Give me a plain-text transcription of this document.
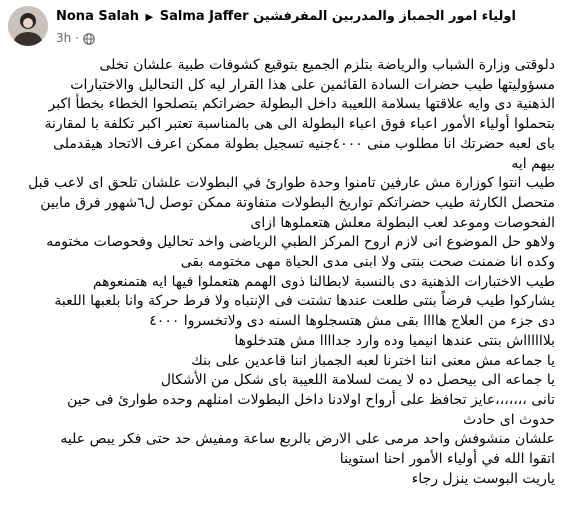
Nona Salah ▶ Salma Jaffer اولياء امور الجمباز والمدربين المفرفشين
3h ·
دلوقتى وزارة الشباب والرياضة بتلزم الجميع بتوقيع كشوفات طبية علشان تخلى
مسؤوليتها طيب حضرات السادة القائمين على هذا القرار ليه كل التحاليل والاختبارات
الذهنية دى وايه علاقتها بسلامة اللعيبة داخل البطولة حضراتكم بتصلحوا الخطاء بخطأ اكبر
بتحملوا أولياء الأمور اعباء فوق اعباء البطولة الى هى بالمناسبة تعتبر اكبر تكلفة با لمقارنة
باى لعبه حضرتك انا مطلوب منى ٤٠٠٠جنيه تسجيل بطولة ممكن اعرف الاتحاد هيقدملى
بيهم ايه
طيب انتوا كوزارة مش عارفين تامنوا وحدة طوارئ في البطولات علشان تلحق اى لاعب قبل
متحصل الكارثة طيب حضراتكم تواريخ البطولات متفاوتة ممكن توصل ل٦شهور فرق مابين
الفحوصات وموعد لعب البطولة معلش هتعملوها ازاى
ولاهو حل الموضوع انى لازم اروح المركز الطبي الرياضى واخد تحاليل وفحوصات مختومه
وكده انا ضمنت صحت بنتى ولا ابنى مدى الحياة مهى مختومه بقى
طيب الاختبارات الذهنية دى بالنسبة لابطالنا ذوى الهمم هتعملوا فيها ايه هتمنعوهم
يشاركوا طيب فرضاً بنتى طلعت عندها تشتت فى الإنتباه ولا فرط حركة وانا بلعبها اللعبة
دى جزء من العلاج هاااا بقى مش هتسجلوها السنه دى ولاتخسروا ٤٠٠٠
بلااااااش بنتى عندها انيميا وده وارد جداااا مش هتدخلوها
يا جماعه مش معنى اننا اخترنا لعبه الجمباز اننا قاعدين على بنك
يا جماعه الى بيحصل ده لا يمت لسلامة اللعيبة باى شكل من الأشكال
تانى ،،،،،،،عايز تحافظ على أرواح اولادنا داخل البطولات امنلهم وحده طوارئ فى حين
حدوث اى حادث
علشان منشوفش واحد مرمى على الارض بالربع ساعة ومفيش حد حتى فكر يبص عليه
اتقوا الله في أولياء الأمور احنا استوينا
ياريت البوست ينزل رجاء
